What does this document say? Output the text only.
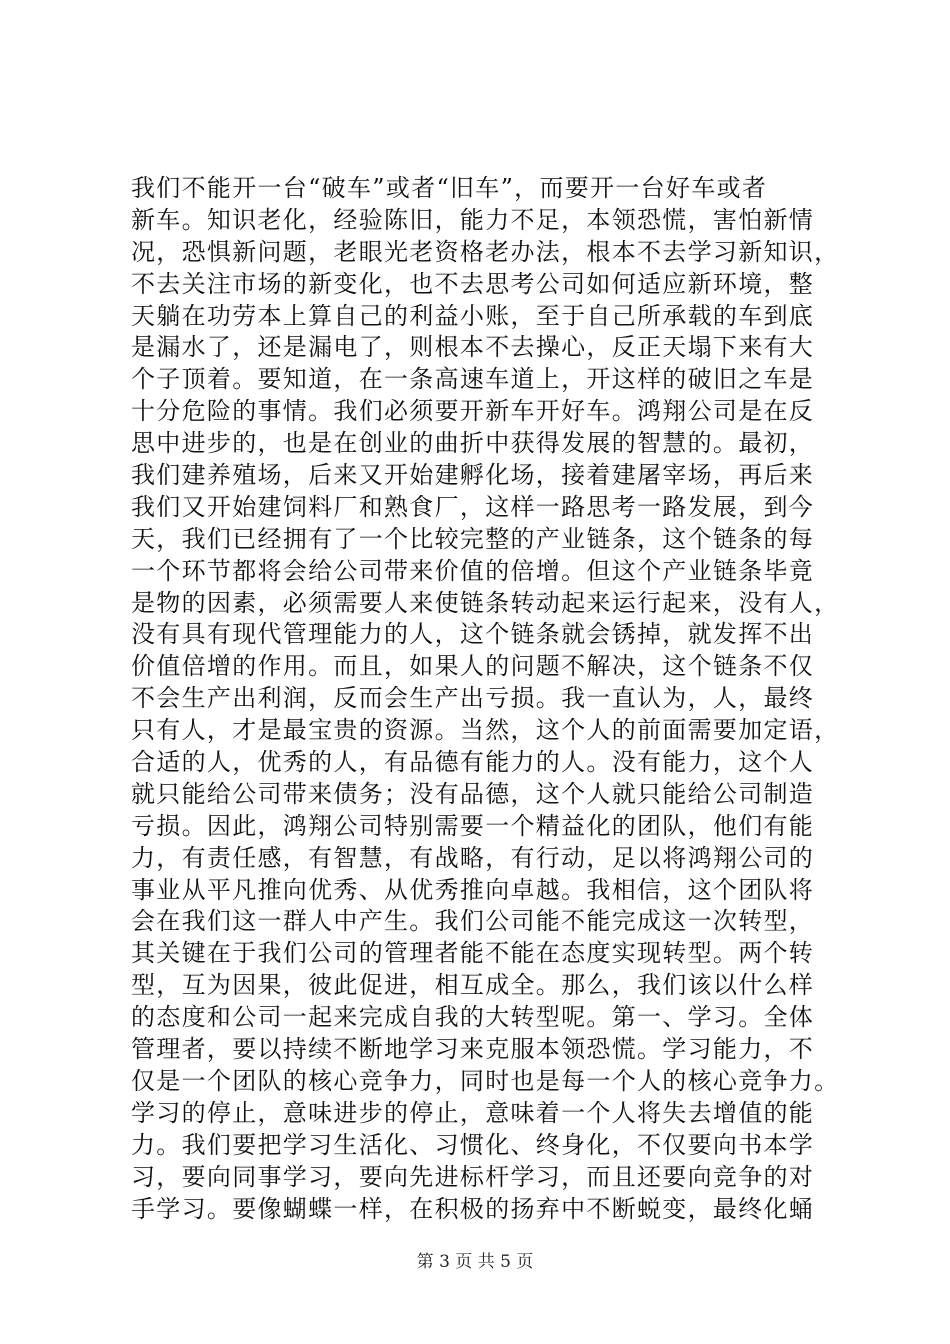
我们不能开一台“破车”或者“旧车”，而要开一台好车或者
新车。知识老化，经验陈旧，能力不足，本领恐慌，害怕新情
况，恐惧新问题，老眼光老资格老办法，根本不去学习新知识，
不去关注市场的新变化，也不去思考公司如何适应新环境，整
天躺在功劳本上算自己的利益小账，至于自己所承载的车到底
是漏水了，还是漏电了，则根本不去操心，反正天塌下来有大
个子顶着。要知道，在一条高速车道上，开这样的破旧之车是
十分危险的事情。我们必须要开新车开好车。鸿翔公司是在反
思中进步的，也是在创业的曲折中获得发展的智慧的。最初，
我们建养殖场，后来又开始建孵化场，接着建屠宰场，再后来
我们又开始建饲料厂和熟食厂，这样一路思考一路发展，到今
天，我们已经拥有了一个比较完整的产业链条，这个链条的每
一个环节都将会给公司带来价值的倍增。但这个产业链条毕竟
是物的因素，必须需要人来使链条转动起来运行起来，没有人，
没有具有现代管理能力的人，这个链条就会锈掉，就发挥不出
价值倍增的作用。而且，如果人的问题不解决，这个链条不仅
不会生产出利润，反而会生产出亏损。我一直认为，人，最终
只有人，才是最宝贵的资源。当然，这个人的前面需要加定语，
合适的人，优秀的人，有品德有能力的人。没有能力，这个人
就只能给公司带来债务；没有品德，这个人就只能给公司制造
亏损。因此，鸿翔公司特别需要一个精益化的团队，他们有能
力，有责任感，有智慧，有战略，有行动，足以将鸿翔公司的
事业从平凡推向优秀、从优秀推向卓越。我相信，这个团队将
会在我们这一群人中产生。我们公司能不能完成这一次转型，
其关键在于我们公司的管理者能不能在态度实现转型。两个转
型，互为因果，彼此促进，相互成全。那么，我们该以什么样
的态度和公司一起来完成自我的大转型呢。第一、学习。全体
管理者，要以持续不断地学习来克服本领恐慌。学习能力，不
仅是一个团队的核心竞争力，同时也是每一个人的核心竞争力。
学习的停止，意味进步的停止，意味着一个人将失去增值的能
力。我们要把学习生活化、习惯化、终身化，不仅要向书本学
习，要向同事学习，要向先进标杆学习，而且还要向竞争的对
手学习。要像蝴蝶一样，在积极的扬弃中不断蜕变，最终化蛹
第 3 页 共 5 页
